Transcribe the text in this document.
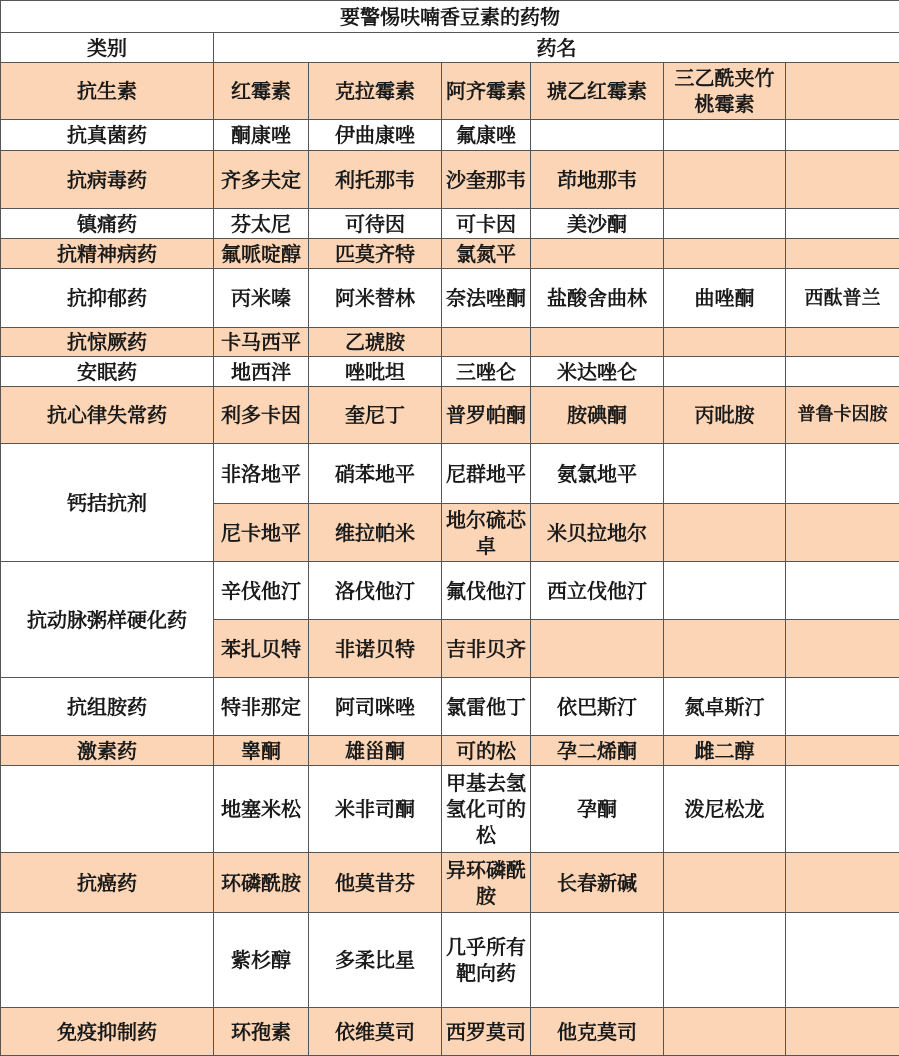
要警惕呋喃香豆素的药物						
类别	药名					
抗生素	红霉素	克拉霉素	阿齐霉素	琥乙红霉素	三乙酰夹竹桃霉素	
抗真菌药	酮康唑	伊曲康唑	氟康唑			
抗病毒药	齐多夫定	利托那韦	沙奎那韦	茚地那韦		
镇痛药	芬太尼	可待因	可卡因	美沙酮		
抗精神病药	氟哌啶醇	匹莫齐特	氯氮平			
抗抑郁药	丙米嗪	阿米替林	奈法唑酮	盐酸舍曲林	曲唑酮	西酞普兰
抗惊厥药	卡马西平	乙琥胺				
安眠药	地西泮	唑吡坦	三唑仑	米达唑仑		
抗心律失常药	利多卡因	奎尼丁	普罗帕酮	胺碘酮	丙吡胺	普鲁卡因胺
钙拮抗剂	非洛地平	硝苯地平	尼群地平	氨氯地平		
	尼卡地平	维拉帕米	地尔硫芯卓	米贝拉地尔		
抗动脉粥样硬化药	辛伐他汀	洛伐他汀	氟伐他汀	西立伐他汀		
	苯扎贝特	非诺贝特	吉非贝齐			
抗组胺药	特非那定	阿司咪唑	氯雷他丁	依巴斯汀	氮卓斯汀	
激素药	睾酮	雄甾酮	可的松	孕二烯酮	雌二醇	
	地塞米松	米非司酮	甲基去氢氢化可的松	孕酮	泼尼松龙	
抗癌药	环磷酰胺	他莫昔芬	异环磷酰胺	长春新碱		
	紫杉醇	多柔比星	几乎所有靶向药			
免疫抑制药	环孢素	依维莫司	西罗莫司	他克莫司		
